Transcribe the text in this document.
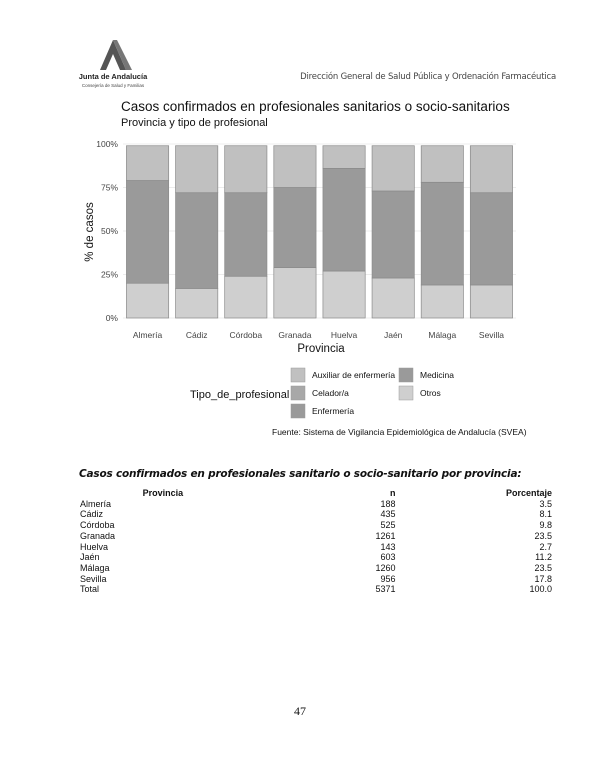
Junta de Andalucía
Consejería de Salud y Familias
Dirección General de Salud Pública y Ordenación Farmacéutica
Casos confirmados en profesionales sanitarios o socio-sanitarios
Provincia y tipo de profesional
0%
25%
50%
75%
100%
Almería	Cádiz	Córdoba Granada Huelva	Jaén	Málaga	Sevilla
% de casos
Provincia
Tipo_de_profesional
Auxiliar de enfermería
Celador/a
Enfermería
Medicina
Otros
Fuente: Sistema de Vigilancia Epidemiológica de Andalucía (SVEA)
Casos confirmados en profesionales sanitario o socio-sanitario por provincia:
Provincia	n	Porcentaje
Almería	188	3.5
Cádiz	435	8.1
Córdoba	525	9.8
Granada	1261	23.5
Huelva	143	2.7
Jaén	603	11.2
Málaga	1260	23.5
Sevilla	956	17.8
Total	5371	100.0
47
